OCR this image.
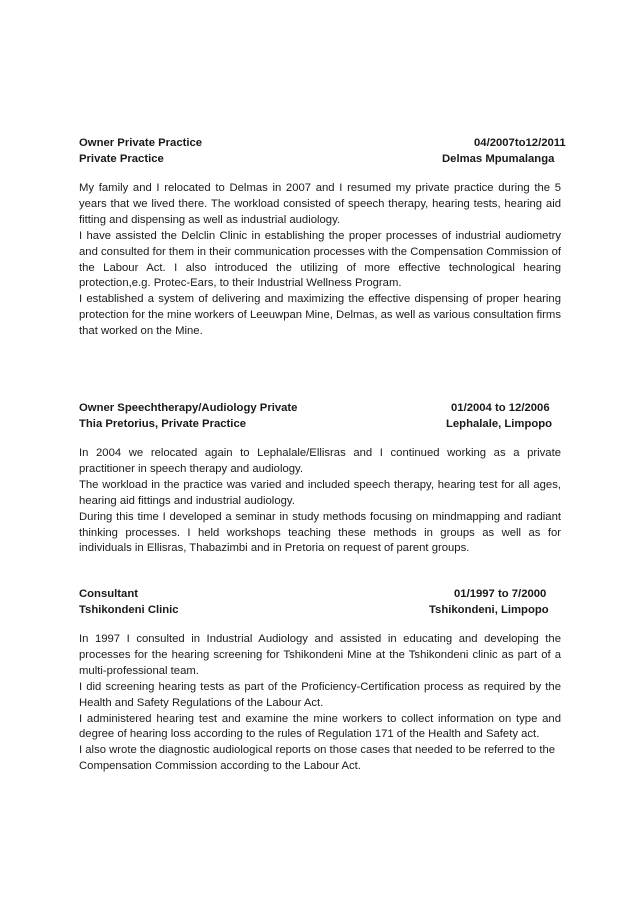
Owner Private Practice	04/2007to12/2011
Private Practice	Delmas Mpumalanga

My family and I relocated to Delmas in 2007 and I resumed my private practice during the 5 years that we lived there. The workload consisted of speech therapy, hearing tests, hearing aid fitting and dispensing as well as industrial audiology.

I have assisted the Delclin Clinic in establishing the proper processes of industrial audiometry and consulted for them in their communication processes with the Compensation Commission of the Labour Act. I also introduced the utilizing of more effective technological hearing protection,e.g. Protec-Ears, to their Industrial Wellness Program.

I established a system of delivering and maximizing the effective dispensing of proper hearing protection for the mine workers of Leeuwpan Mine, Delmas, as well as various consultation firms that worked on the Mine.

Owner Speechtherapy/Audiology Private	01/2004 to 12/2006
Thia Pretorius, Private Practice	Lephalale, Limpopo

In 2004 we relocated again to Lephalale/Ellisras and I continued working as a private practitioner in speech therapy and audiology.

The workload in the practice was varied and included speech therapy, hearing test for all ages, hearing aid fittings and industrial audiology.

During this time I developed a seminar in study methods focusing on mindmapping and radiant thinking processes. I held workshops teaching these methods in groups as well as for individuals in Ellisras, Thabazimbi and in Pretoria on request of parent groups.

Consultant	01/1997 to 7/2000
Tshikondeni Clinic	Tshikondeni, Limpopo

In 1997 I consulted in Industrial Audiology and assisted in educating and developing the processes for the hearing screening for Tshikondeni Mine at the Tshikondeni clinic as part of a multi-professional team.

I did screening hearing tests as part of the Proficiency-Certification process as required by the Health and Safety Regulations of the Labour Act.

I administered hearing test and examine the mine workers to collect information on type and degree of hearing loss according to the rules of Regulation 171 of the Health and Safety act.

I also wrote the diagnostic audiological reports on those cases that needed to be referred to the

Compensation Commission according to the Labour Act.
